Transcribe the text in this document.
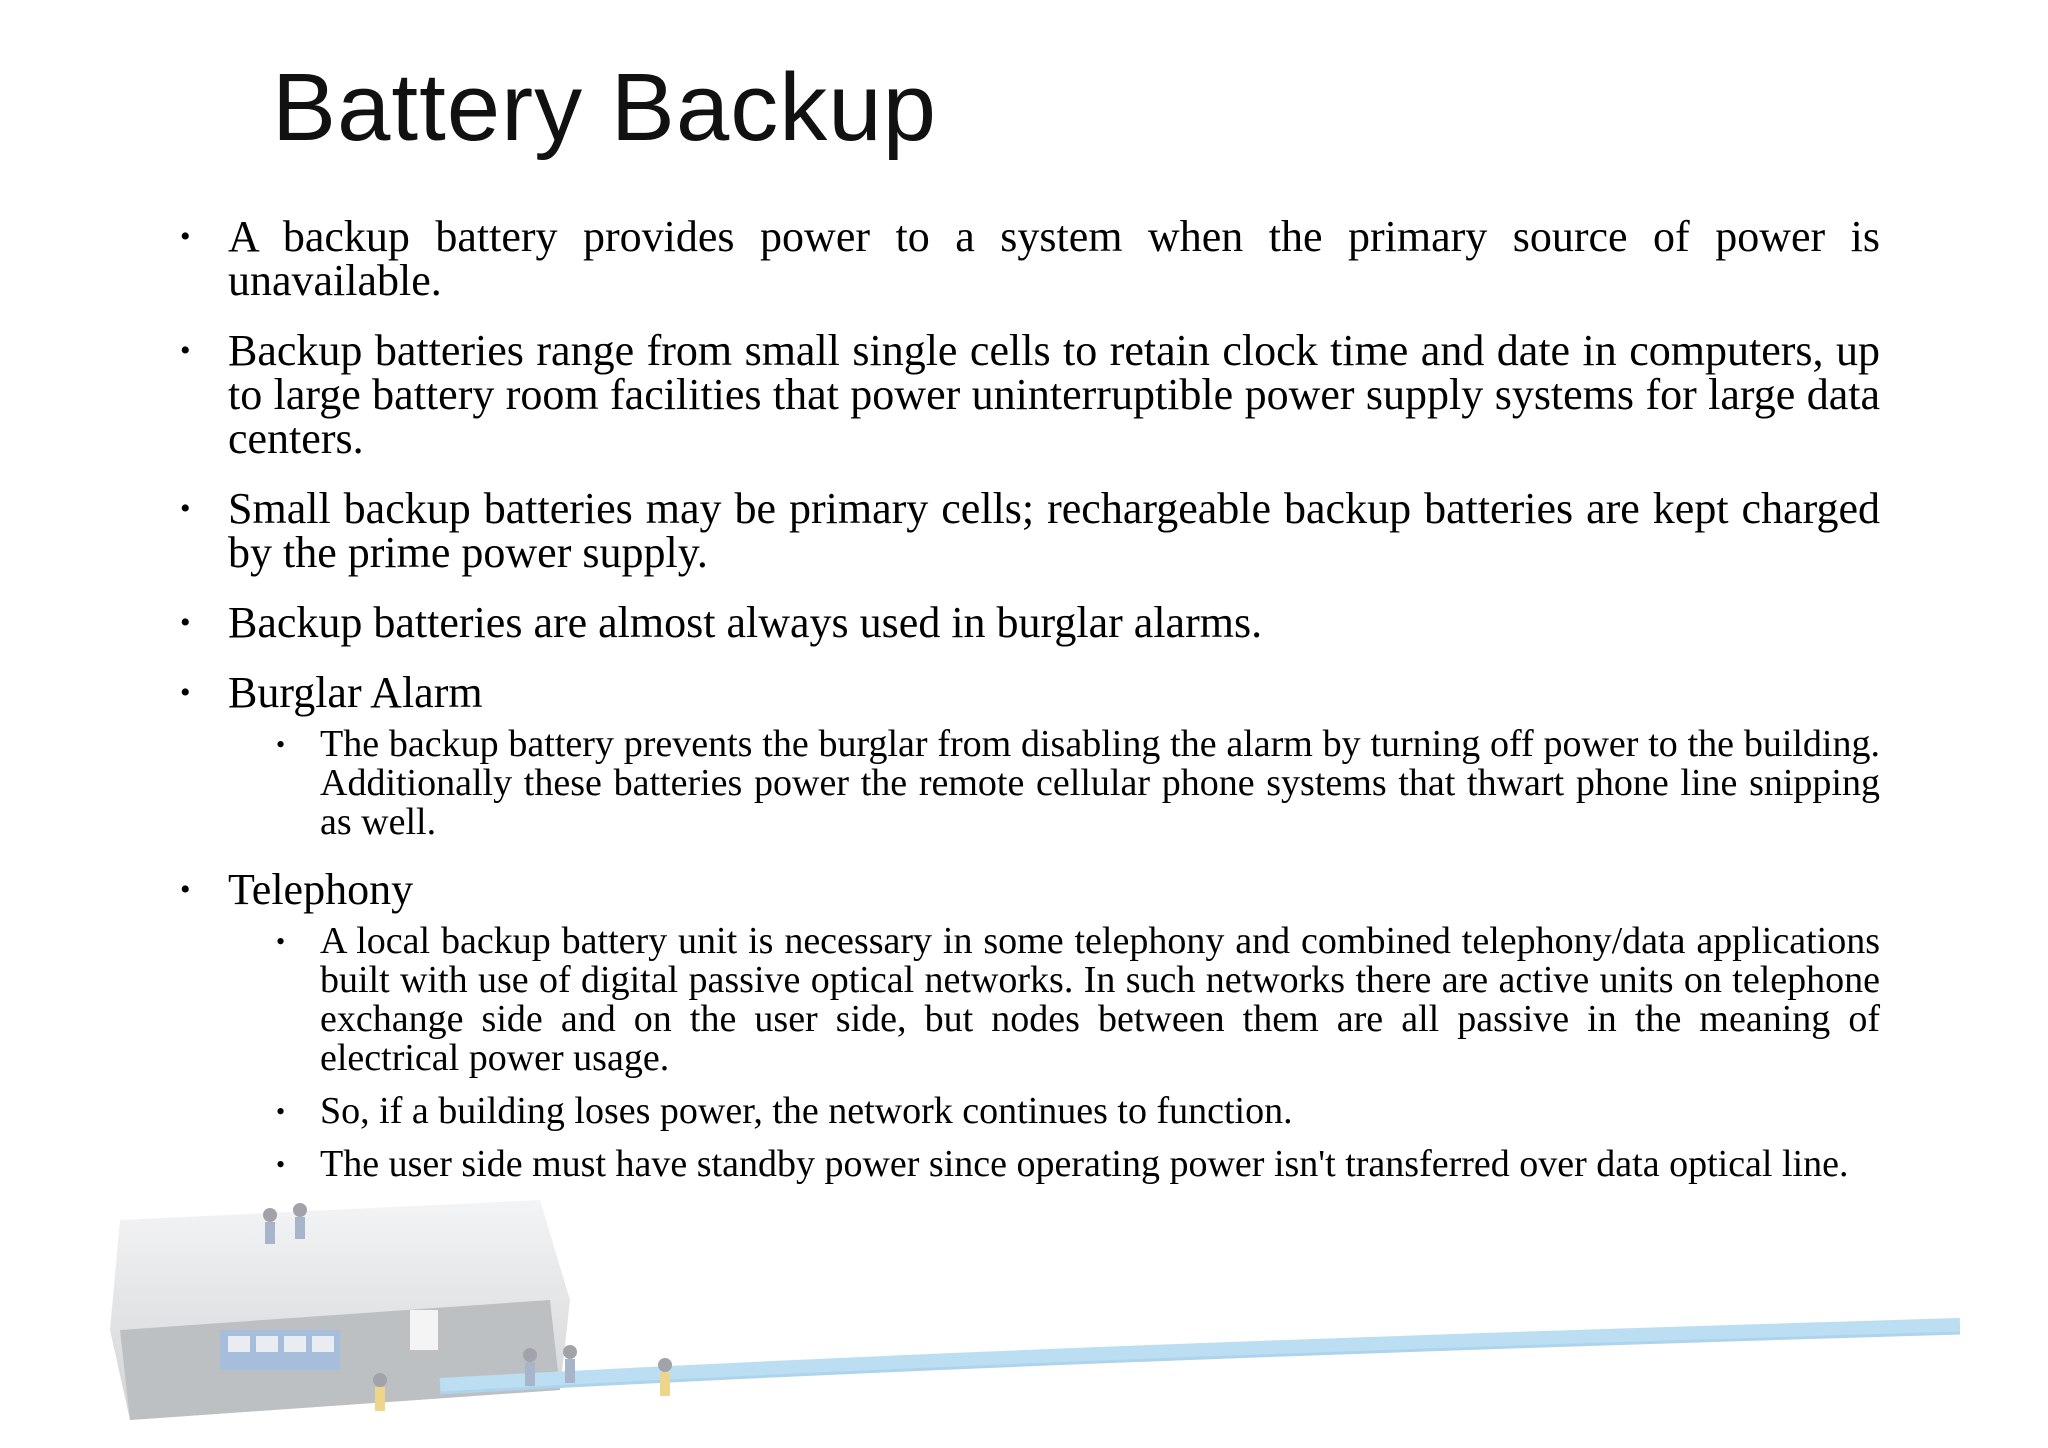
Battery Backup
• A backup battery provides power to a system when the primary source of power is unavailable.
• Backup batteries range from small single cells to retain clock time and date in computers, up to large battery room facilities that power uninterruptible power supply systems for large data centers.
• Small backup batteries may be primary cells; rechargeable backup batteries are kept charged by the prime power supply.
• Backup batteries are almost always used in burglar alarms.
• Burglar Alarm
• The backup battery prevents the burglar from disabling the alarm by turning off power to the building. Additionally these batteries power the remote cellular phone systems that thwart phone line snipping as well.
• Telephony
• A local backup battery unit is necessary in some telephony and combined telephony/data applications built with use of digital passive optical networks. In such networks there are active units on telephone exchange side and on the user side, but nodes between them are all passive in the meaning of electrical power usage.
• So, if a building loses power, the network continues to function.
• The user side must have standby power since operating power isn't transferred over data optical line.
